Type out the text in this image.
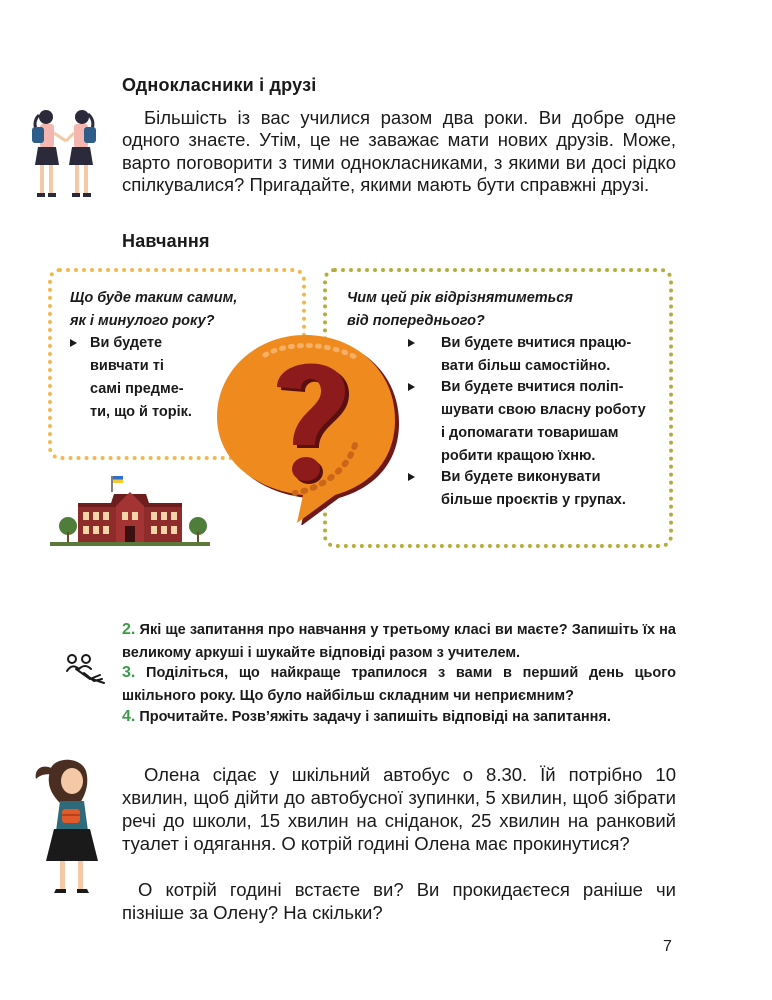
Однокласники і друзі
Більшість із вас училися разом два роки. Ви добре одне одного знаєте. Утім, це не заважає мати нових друзів. Може, варто поговорити з тими однокласниками, з якими ви досі рідко спілкувалися? Пригадайте, якими мають бути справжні друзі.
Навчання
Що буде таким самим,
як і минулого року?
Ви будете
вивчати ті
самі предме-
ти, що й торік.
Чим цей рік відрізнятиметься
від попереднього?
Ви будете вчитися працю-
вати більш самостійно.
Ви будете вчитися поліп-
шувати свою власну роботу
і допомагати товаришам
робити кращою їхню.
Ви будете виконувати
більше проєктів у групах.
2. Які ще запитання про навчання у третьому класі ви маєте? Запишіть їх на великому аркуші і шукайте відповіді разом з учителем.
3. Поділіться, що найкраще трапилося з вами в перший день цього шкільного року. Що було найбільш складним чи неприємним?
4. Прочитайте. Розв’яжіть задачу і запишіть відповіді на запитання.
Олена сідає у шкільний автобус о 8.30. Їй потрібно 10 хвилин, щоб дійти до автобусної зупинки, 5 хвилин, щоб зібрати речі до школи, 15 хвилин на сніданок, 25 хвилин на ранковий туалет і одягання. О котрій годині Олена має прокинутися?
О котрій годині встаєте ви? Ви прокидаєтеся раніше чи пізніше за Олену? На скільки?
7
